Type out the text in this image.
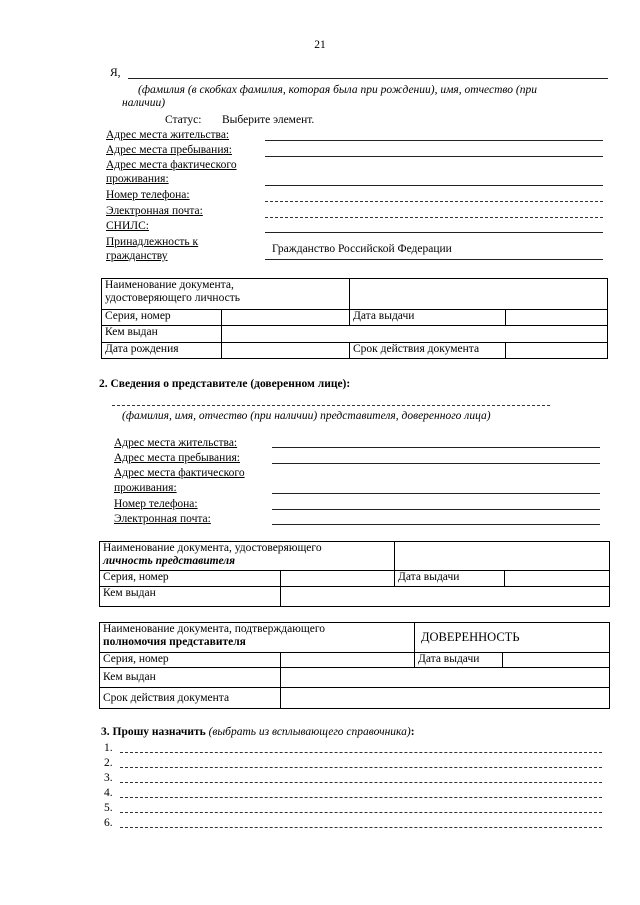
21
Я,
(фамилия (в скобках фамилия, которая была при рождении), имя, отчество (при
наличии)
Статус: Выберите элемент.
Адрес места жительства:
Адрес места пребывания:
Адрес места фактического
проживания:
Номер телефона:
Электронная почта:
СНИЛС:
Принадлежность к
гражданству
Гражданство Российской Федерации
Наименование документа,
удостоверяющего личность			

Серия, номер		Дата выдачи	
Кем выдан			
Дата рождения		Срок действия документа	
2. Сведения о представителе (доверенном лице):
(фамилия, имя, отчество (при наличии) представителя, доверенного лица)
Адрес места жительства:
Адрес места пребывания:
Адрес места фактического
проживания:
Номер телефона:
Электронная почта:
Наименование документа, удостоверяющего
личность представителя			

Серия, номер		Дата выдачи	
Кем выдан			
Наименование документа, подтверждающего
полномочия представителя		ДОВЕРЕННОСТЬ	
Серия, номер		Дата выдачи	
Кем выдан			
Срок действия документа			
3. Прошу назначить (выбрать из всплывающего справочника):
1.
2.
3.
4.
5.
6.
